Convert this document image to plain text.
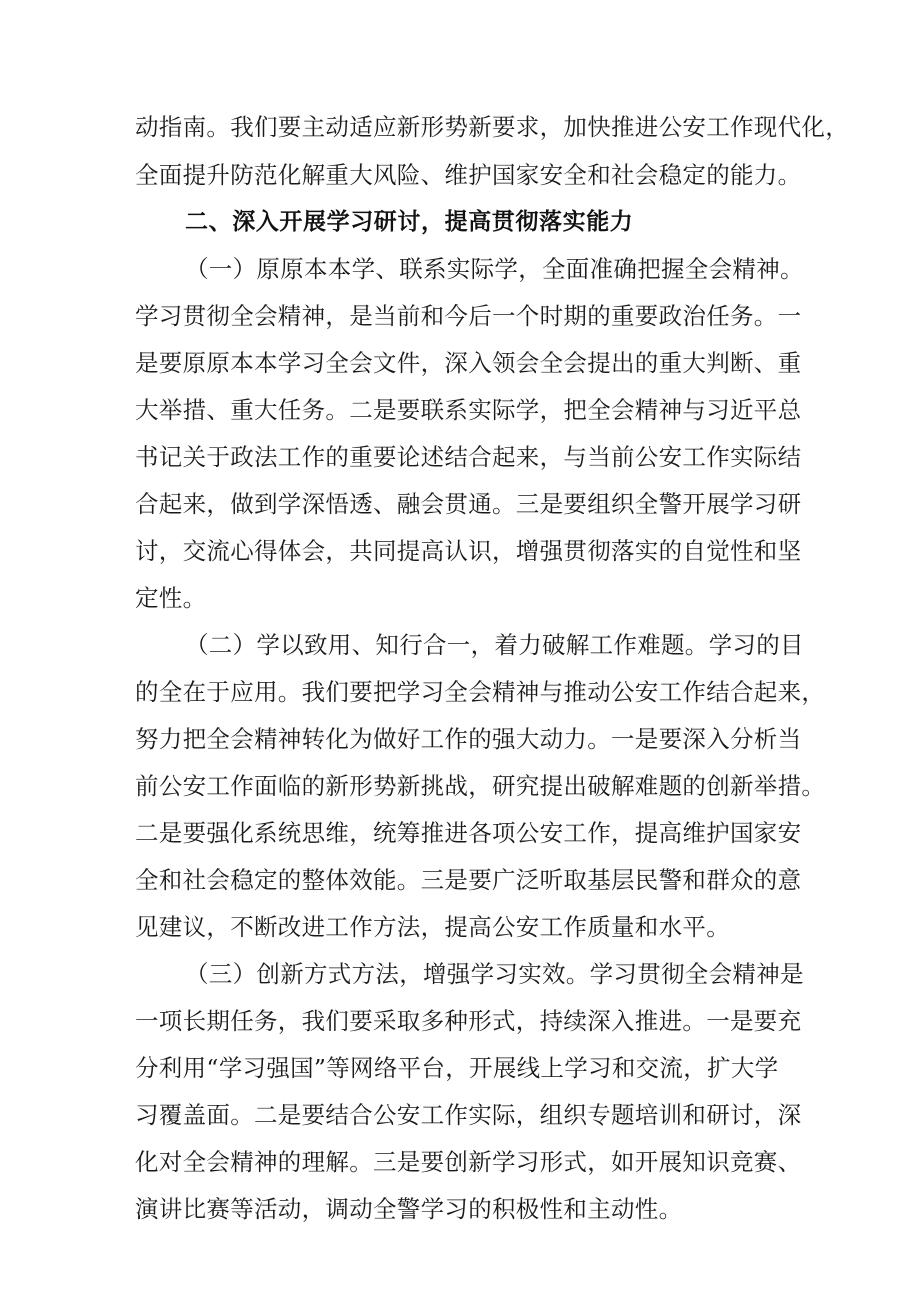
动指南。我们要主动适应新形势新要求，加快推进公安工作现代化，
全面提升防范化解重大风险、维护国家安全和社会稳定的能力。
二、深入开展学习研讨，提高贯彻落实能力
（一）原原本本学、联系实际学，全面准确把握全会精神。
学习贯彻全会精神，是当前和今后一个时期的重要政治任务。一
是要原原本本学习全会文件，深入领会全会提出的重大判断、重
大举措、重大任务。二是要联系实际学，把全会精神与习近平总
书记关于政法工作的重要论述结合起来，与当前公安工作实际结
合起来，做到学深悟透、融会贯通。三是要组织全警开展学习研
讨，交流心得体会，共同提高认识，增强贯彻落实的自觉性和坚
定性。
（二）学以致用、知行合一，着力破解工作难题。学习的目
的全在于应用。我们要把学习全会精神与推动公安工作结合起来，
努力把全会精神转化为做好工作的强大动力。一是要深入分析当
前公安工作面临的新形势新挑战，研究提出破解难题的创新举措。
二是要强化系统思维，统筹推进各项公安工作，提高维护国家安
全和社会稳定的整体效能。三是要广泛听取基层民警和群众的意
见建议，不断改进工作方法，提高公安工作质量和水平。
（三）创新方式方法，增强学习实效。学习贯彻全会精神是
一项长期任务，我们要采取多种形式，持续深入推进。一是要充
分利用“学习强国”等网络平台，开展线上学习和交流，扩大学
习覆盖面。二是要结合公安工作实际，组织专题培训和研讨，深
化对全会精神的理解。三是要创新学习形式，如开展知识竞赛、
演讲比赛等活动，调动全警学习的积极性和主动性。
